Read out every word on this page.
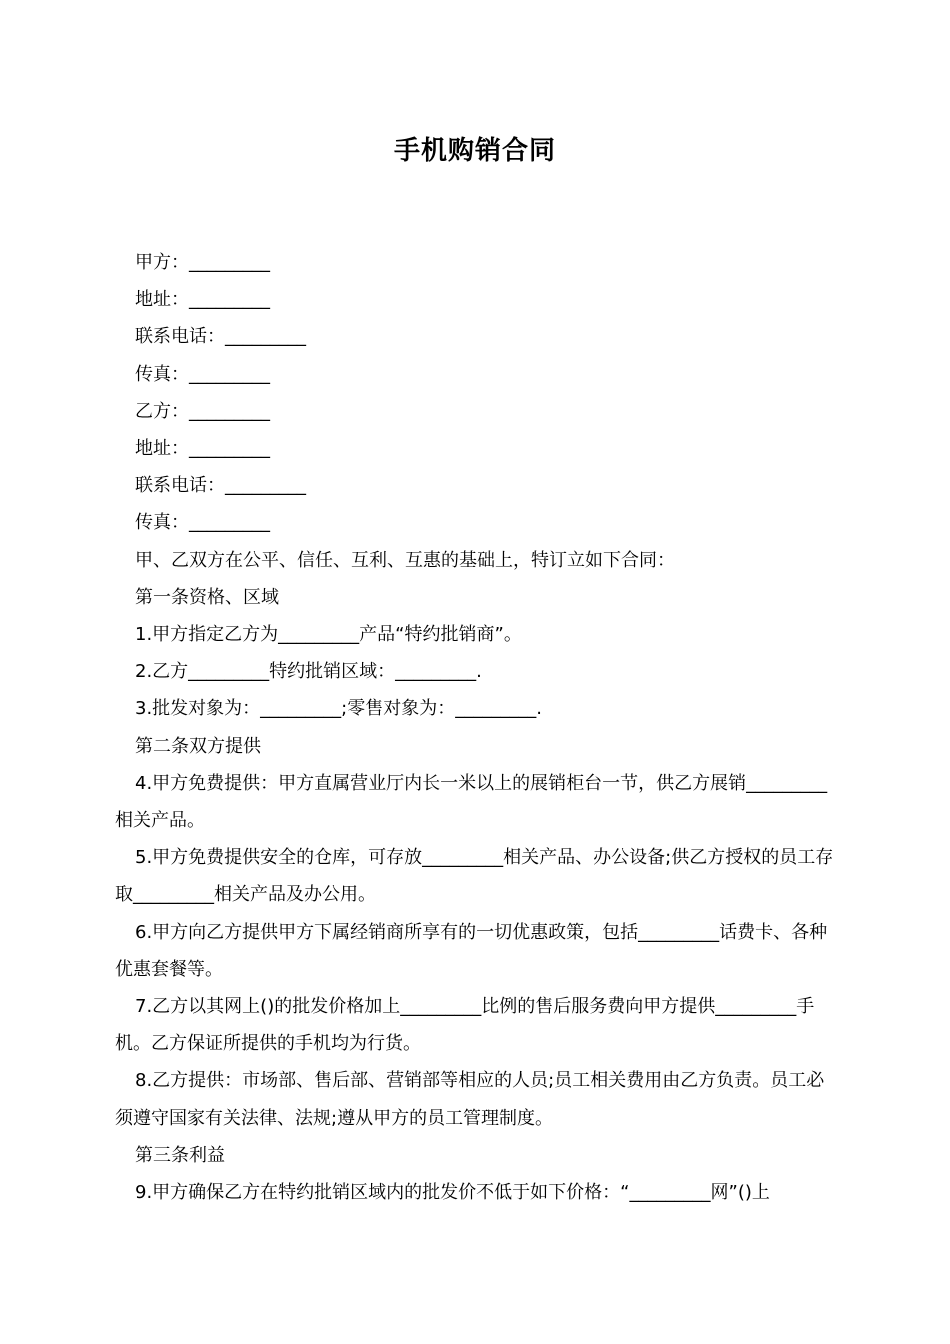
手机购销合同

甲方：_________

地址：_________

联系电话：_________

传真：_________

乙方：_________

地址：_________

联系电话：_________

传真：_________

甲、乙双方在公平、信任、互利、互惠的基础上，特订立如下合同：

第一条资格、区域

1.甲方指定乙方为_________产品“特约批销商”。

2.乙方_________特约批销区域：_________.

3.批发对象为：_________;零售对象为：_________.

第二条双方提供

4.甲方免费提供：甲方直属营业厅内长一米以上的展销柜台一节，供乙方展销_________相关产品。

5.甲方免费提供安全的仓库，可存放_________相关产品、办公设备;供乙方授权的员工存取_________相关产品及办公用。

6.甲方向乙方提供甲方下属经销商所享有的一切优惠政策，包括_________话费卡、各种优惠套餐等。

7.乙方以其网上()的批发价格加上_________比例的售后服务费向甲方提供_________手机。乙方保证所提供的手机均为行货。

8.乙方提供：市场部、售后部、营销部等相应的人员;员工相关费用由乙方负责。员工必须遵守国家有关法律、法规;遵从甲方的员工管理制度。

第三条利益

9.甲方确保乙方在特约批销区域内的批发价不低于如下价格：“_________网”()上
